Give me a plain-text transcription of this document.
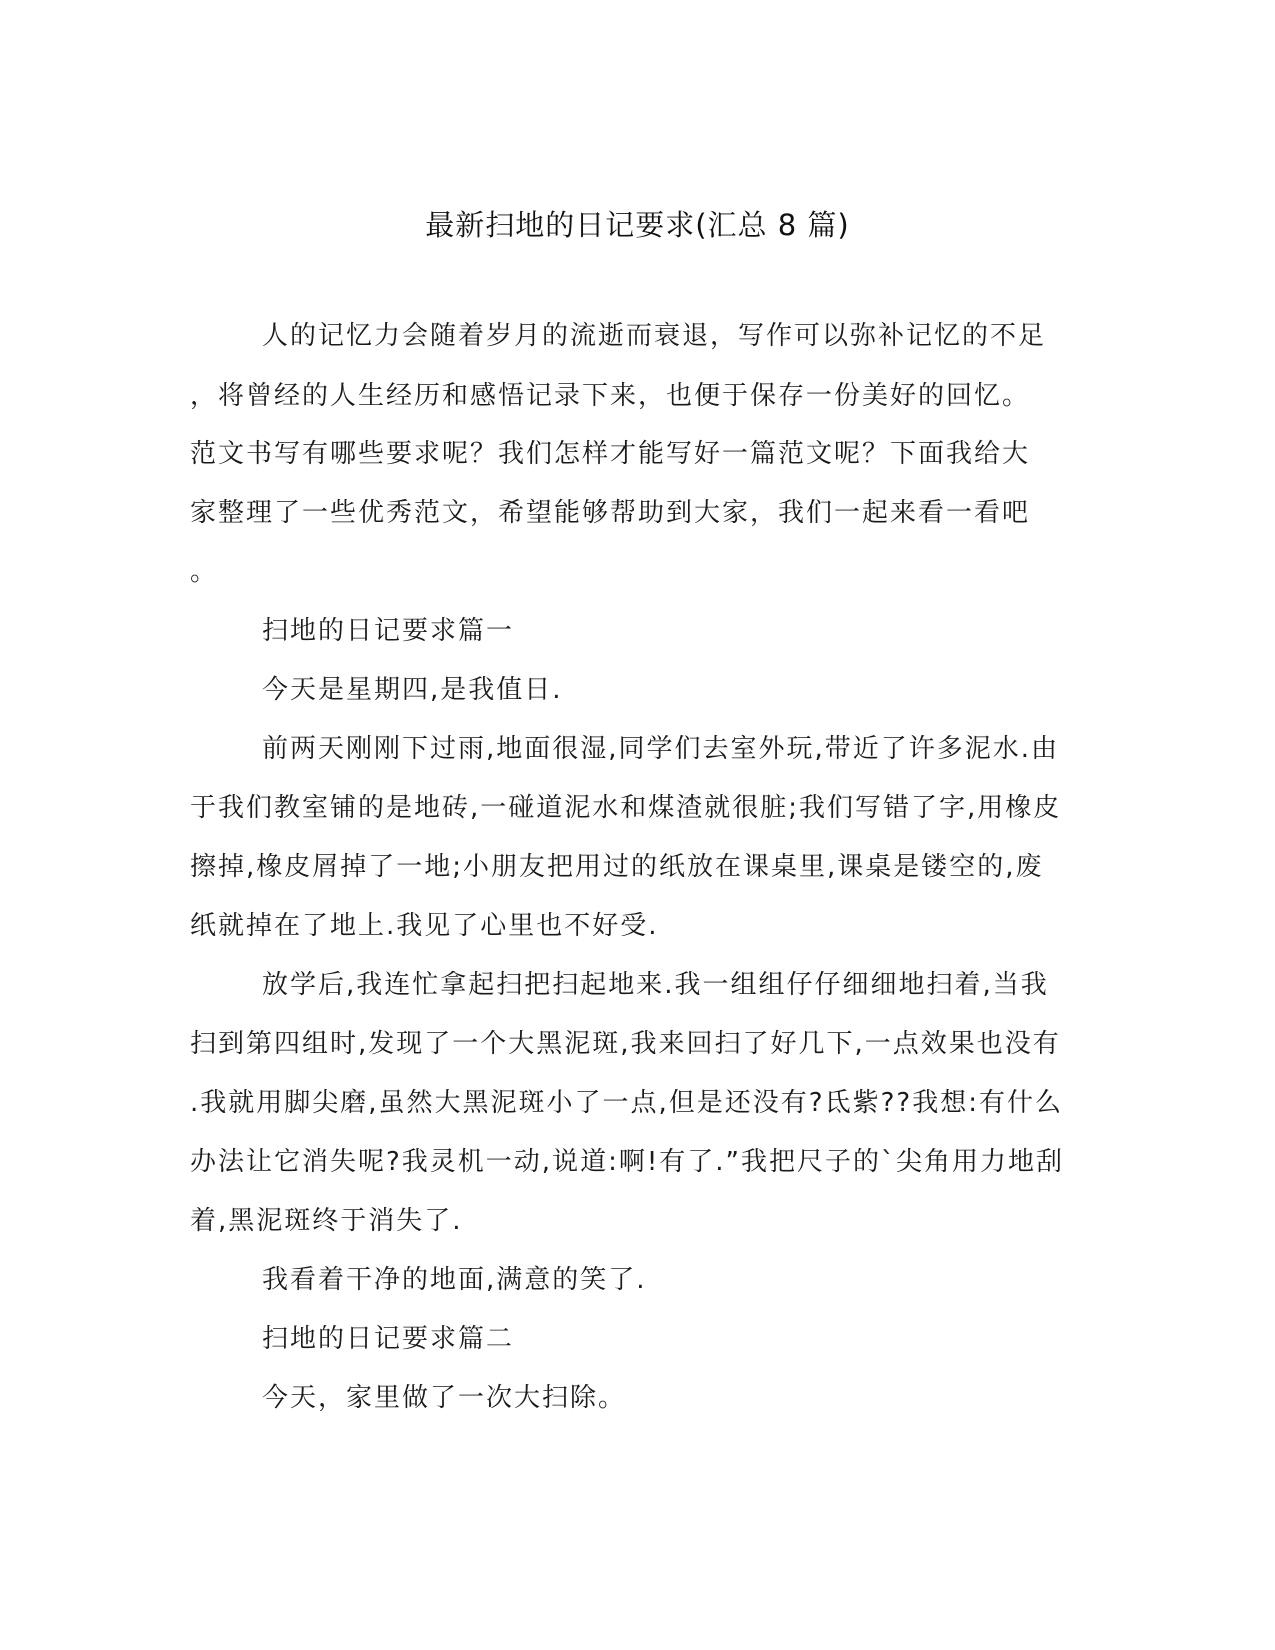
最新扫地的日记要求(汇总 8 篇)
人的记忆力会随着岁月的流逝而衰退，写作可以弥补记忆的不足
，将曾经的人生经历和感悟记录下来，也便于保存一份美好的回忆。
范文书写有哪些要求呢？我们怎样才能写好一篇范文呢？下面我给大
家整理了一些优秀范文，希望能够帮助到大家，我们一起来看一看吧
。
扫地的日记要求篇一
今天是星期四,是我值日.
前两天刚刚下过雨,地面很湿,同学们去室外玩,带近了许多泥水.由
于我们教室铺的是地砖,一碰道泥水和煤渣就很脏;我们写错了字,用橡皮
擦掉,橡皮屑掉了一地;小朋友把用过的纸放在课桌里,课桌是镂空的,废
纸就掉在了地上.我见了心里也不好受.
放学后,我连忙拿起扫把扫起地来.我一组组仔仔细细地扫着,当我
扫到第四组时,发现了一个大黑泥斑,我来回扫了好几下,一点效果也没有
.我就用脚尖磨,虽然大黑泥斑小了一点,但是还没有?氐紫??我想:有什么
办法让它消失呢?我灵机一动,说道:啊!有了.”我把尺子的`尖角用力地刮
着,黑泥斑终于消失了.
我看着干净的地面,满意的笑了.
扫地的日记要求篇二
今天，家里做了一次大扫除。
